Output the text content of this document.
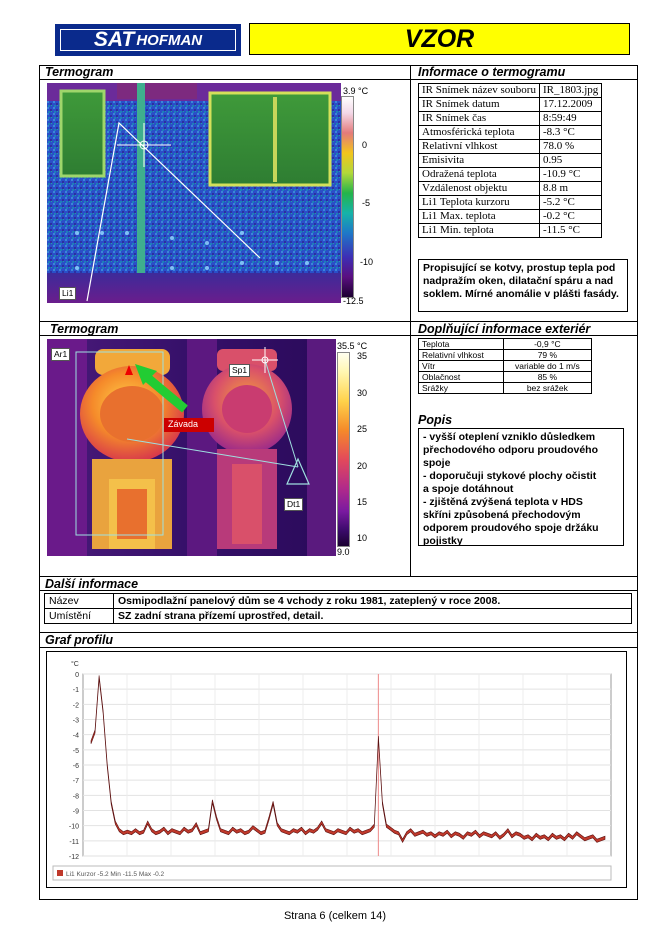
SAT HOFMAN	VZOR
Termogram	Informace o termogramu
Termogram	Doplňující informace exteriér
Popis
Další informace
Graf profilu
Li1
3.9 °C
0
-5
-10
-12.5
IR Snímek název souboru	IR_1803.jpg
IR Snímek datum	17.12.2009
IR Snímek čas	8:59:49
Atmosférická teplota	-8.3 °C
Relativní vlhkost	78.0 %
Emisivita	0.95
Odražená teplota	-10.9 °C
Vzdálenost objektu	8.8 m
Li1 Teplota kurzoru	-5.2 °C
Li1 Max. teplota	-0.2 °C
Li1 Min. teplota	-11.5 °C
Propisující se kotvy, prostup tepla pod nadpražím oken, dilatační spáru a nad soklem. Mírné anomálie v plášti fasády.
Ar1
Sp1
Dt1
Závada
35.5 °C
35
30
25
20
15
10
9.0
Teplota	-0,9 °C
Relativní vlhkost	79 %
Vítr	variable do 1 m/s
Oblačnost	85 %
Srážky	bez srážek
- vyšší oteplení vzniklo důsledkem
přechodového odporu proudového
spoje
- doporučuji stykové plochy očistit
a spoje dotáhnout
- zjištěná zvýšená teplota v HDS
skříni způsobená přechodovým
odporem proudového spoje držáku
pojistky
Název	Osmipodlažní panelový dům se 4 vchody z roku 1981, zateplený v roce 2008.
Umístění	SZ zadní strana přízemí uprostřed, detail.
0
-1
-2
-3
-4
-5
-6
-7
-8
-9
-10
-11
-12
°C
Li1 Kurzor -5.2 Min -11.5 Max -0.2
Strana 6 (celkem 14)
